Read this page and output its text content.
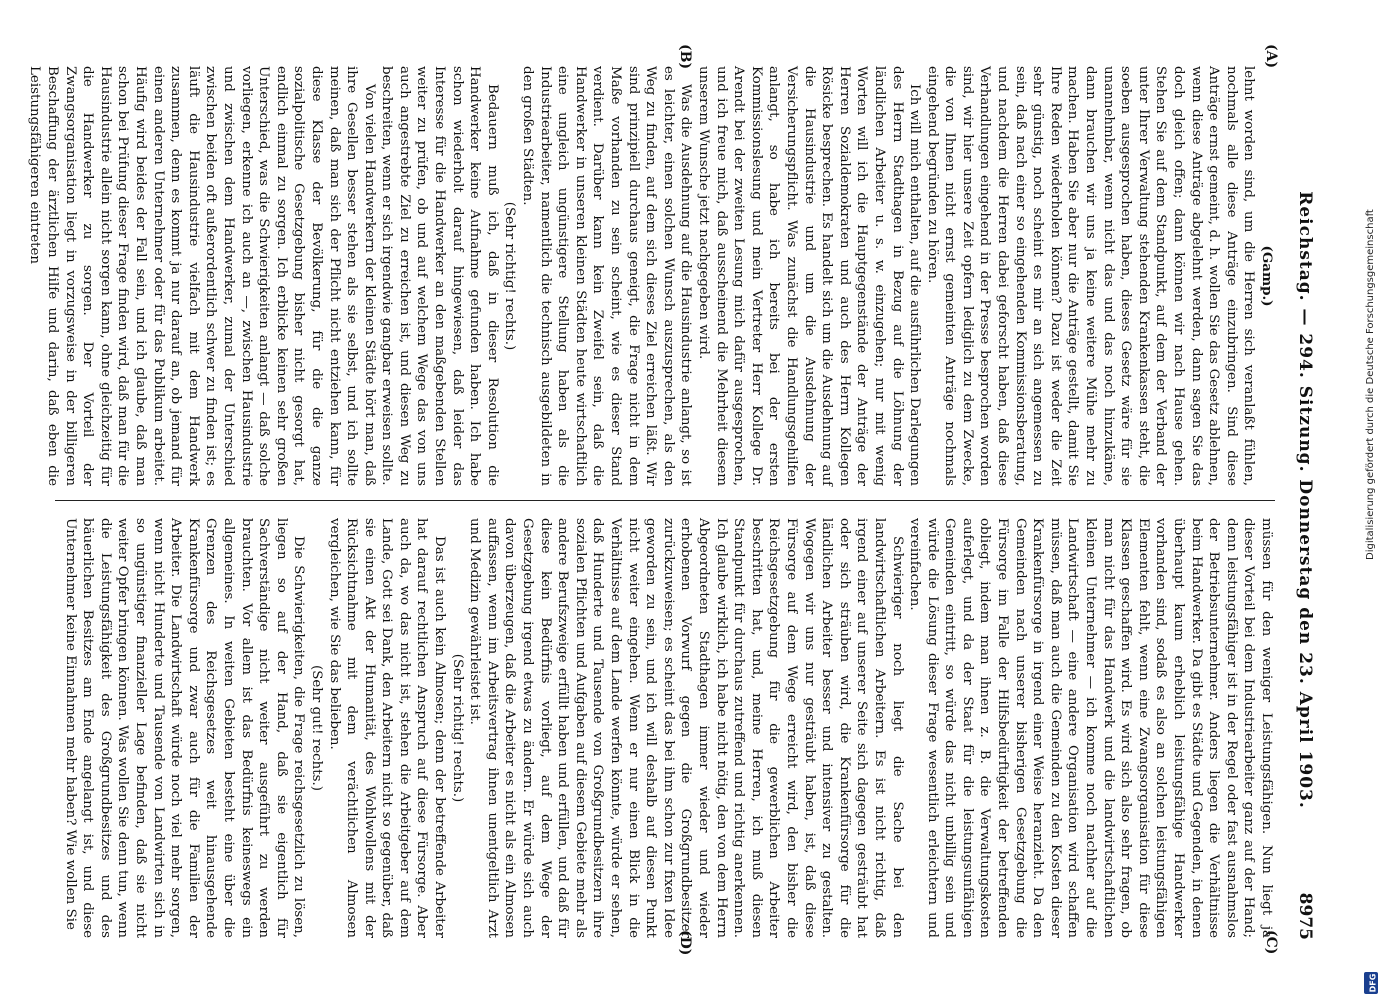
Reichstag. — 294. Sitzung. Donnerstag den 23. April 1903.
8975
(A)
(B)
(C)
(D)

(Gamp.)

lehnt worden sind, um die Herren sich veranlaßt fühlen, nochmals alle diese Anträge einzubringen. Sind diese Anträge ernst gemeint, d. h. wollen Sie das Gesetz ablehnen, wenn diese Anträge abgelehnt werden, dann sagen Sie das doch gleich offen; dann können wir nach Hause gehen. Stehen Sie auf dem Standpunkt, auf dem der Verband der unter Ihrer Verwaltung stehenden Krankenkassen steht, die soeben ausgesprochen haben, dieses Gesetz wäre für sie unannehmbar, wenn nicht das und das noch hinzukäme, dann brauchen wir uns ja keine weitere Mühe mehr zu machen. Haben Sie aber nur die Anträge gestellt, damit Sie Ihre Reden wiederholen können? Dazu ist weder die Zeit sehr günstig, noch scheint es mir an sich angemessen zu sein, daß nach einer so eingehenden Kommissionsberatung, und nachdem die Herren dabei geforscht haben, daß diese Verhandlungen eingehend in der Presse besprochen worden sind, wir hier unsere Zeit opfern lediglich zu dem Zwecke, die von Ihnen nicht ernst gemeinten Anträge nochmals eingehend begründen zu hören.

Ich will mich enthalten, auf die ausführlichen Darlegungen des Herrn Stadthagen in Bezug auf die Löhnung der ländlichen Arbeiter u. s. w. einzugehen; nur mit wenig Worten will ich die Hauptgegenstände der Anträge der Herren Sozialdemokraten und auch des Herrn Kollegen Rösicke besprechen. Es handelt sich um die Ausdehnung auf die Hausindustrie und um die Ausdehnung der Versicherungspflicht. Was zunächst die Handlungsgehilfen anlangt, so habe ich bereits bei der ersten Kommissionslesung und mein Vertreter Herr Kollege Dr. Arendt bei der zweiten Lesung mich dafür ausgesprochen, und ich freue mich, daß ausscheinend die Mehrheit diesem unserem Wunsche jetzt nachgegeben wird.

Was die Ausdehnung auf die Hausindustrie anlangt, so ist es leichter, einen solchen Wunsch auszusprechen, als den Weg zu finden, auf dem sich dieses Ziel erreichen läßt. Wir sind prinzipiell durchaus geneigt, die Frage nicht in dem Maße vorhanden zu sein scheint, wie es dieser Stand verdient. Darüber kann kein Zweifel sein, daß die Handwerker in unseren kleinen Städten heute wirtschaftlich eine ungleich ungünstigere Stellung haben als die Industriearbeiter, namentlich die technisch ausgebildeten in den großen Städten.

(Sehr richtig! rechts.)

Bedauern muß ich, daß in dieser Resolution die Handwerker keine Aufnahme gefunden haben. Ich habe schon wiederholt darauf hingewiesen, daß leider das Interesse für die Handwerker an den maßgebenden Stellen weiter zu prüfen, ob und auf welchem Wege das von uns auch angestrebte Ziel zu erreichen ist, und diesen Weg zu beschreiten, wenn er sich irgendwie gangbar erweisen sollte.

Von vielen Handwerkern der kleinen Städte hört man, daß ihre Gesellen besser stehen als sie selbst, und ich sollte meinen, daß man sich der Pflicht nicht entziehen kann, für diese Klasse der Bevölkerung, für die die ganze sozialpolitische Gesetzgebung bisher nicht gesorgt hat, endlich einmal zu sorgen. Ich erblicke keinen sehr großen Unterschied, was die Schwierigkeiten anlangt — daß solche vorliegen, erkenne ich auch an —, zwischen Hausindustrie und zwischen dem Handwerker, zumal der Unterschied zwischen beiden oft außerordentlich schwer zu finden ist; es läuft die Hausindustrie vielfach mit dem Handwerk zusammen, denn es kommt ja nur darauf an, ob jemand für einen anderen Unternehmer oder für das Publikum arbeitet. Häufig wird beides der Fall sein, und ich glaube, daß man schon bei Prüfung dieser Frage finden wird, daß man für die Hausindustrie allein nicht sorgen kann, ohne gleichzeitig für die Handwerker zu sorgen. Der Vorteil der Zwangsorganisation liegt in vorzugsweise in der billigeren Beschaffung der ärztlichen Hilfe und darin, daß eben die Leistungsfähigeren eintreten

müssen für den weniger Leistungsfähigen. Nun liegt ja dieser Vorteil bei dem Industriearbeiter ganz auf der Hand; denn leistungsfähiger ist in der Regel oder fast ausnahmslos der Betriebsunternehmer. Anders liegen die Verhältnisse beim Handwerker. Da gibt es Städte und Gegenden, in denen überhaupt kaum erheblich leistungsfähige Handwerker vorhanden sind, sodaß es also an solchen leistungsfähigen Elementen fehlt, wenn eine Zwangsorganisation für diese Klassen geschaffen wird. Es wird sich also sehr fragen, ob man nicht für das Handwerk und die landwirtschaftlichen kleinen Unternehmer — ich komme noch nachher auf die Landwirtschaft — eine andere Organisation wird schaffen müssen, daß man auch die Gemeinden zu den Kosten dieser Krankenfürsorge in irgend einer Weise heranzieht. Da den Gemeinden nach unserer bisherigen Gesetzgebung die Fürsorge im Falle der Hilfsbedürftigkeit der betreffenden obliegt, indem man ihnen z. B. die Verwaltungskosten auferlegt, und da der Staat für die leistungsunfähigen Gemeinden eintritt, so würde das nicht unbillig sein und würde die Lösung dieser Frage wesentlich erleichtern und vereinfachen.

Schwieriger noch liegt die Sache bei den landwirtschaftlichen Arbeitern. Es ist nicht richtig, daß irgend einer auf unserer Seite sich dagegen gesträubt hat oder sich sträuben wird, die Krankenfürsorge für die ländlichen Arbeiter besser und intensiver zu gestalten. Wogegen wir uns nur gesträubt haben, ist, daß diese Fürsorge auf dem Wege erreicht wird, den bisher die Reichsgesetzgebung für die gewerblichen Arbeiter beschritten hat, und, meine Herren, ich muß diesen Standpunkt für durchaus zutreffend und richtig anerkennen. Ich glaube wirklich, ich habe nicht nötig, den von dem Herrn Abgeordneten Stadthagen immer wieder und wieder erhobenen Vorwurf gegen die Großgrundbesitzer zurückzuweisen; es scheint das bei ihm schon zur fixen Idee geworden zu sein, und ich will deshalb auf diesen Punkt nicht weiter eingehen. Wenn er nur einen Blick in die Verhältnisse auf dem Lande werfen könnte, würde er sehen, daß Hunderte und Tausende von Großgrundbesitzern ihre sozialen Pflichten und Aufgaben auf diesem Gebiete mehr als andere Berufszweige erfüllt haben und erfüllen, und daß für diese kein Bedürfnis vorliegt, auf dem Wege der Gesetzgebung irgend etwas zu ändern. Er würde sich auch davon überzeugen, daß die Arbeiter es nicht als ein Almosen auffassen, wenn im Arbeitsvertrag ihnen unentgeltlich Arzt und Medizin gewährleistet ist.

(Sehr richtig! rechts.)

Das ist auch kein Almosen; denn der betreffende Arbeiter hat darauf rechtlichen Anspruch auf diese Fürsorge. Aber auch da, wo das nicht ist, stehen die Arbeitgeber auf dem Lande, Gott sei Dank, den Arbeitern nicht so gegenüber, daß sie einen Akt der Humanität, des Wohlwollens mit der Rücksichtnahme mit dem verächtlichen Almosen vergleichen, wie Sie das belieben.

(Sehr gut! rechts.)

Die Schwierigkeiten, die Frage reichsgesetzlich zu lösen, liegen so auf der Hand, daß sie eigentlich für Sachverständige nicht weiter ausgeführt zu werden brauchten. Vor allem ist das Bedürfnis keineswegs ein allgemeines. In weiten Gebieten besteht eine über die Grenzen des Reichsgesetzes weit hinausgehende Krankenfürsorge und zwar auch für die Familien der Arbeiter. Die Landwirtschaft würde noch viel mehr sorgen, wenn nicht Hunderte und Tausende von Landwirten sich in so ungünstiger finanzieller Lage befinden, daß sie nicht weiter Opfer bringen können. Was wollen Sie denn tun, wenn die Leistungsfähigkeit des Großgrundbesitzes und des bäuerlichen Besitzes am Ende angelangt ist, und diese Unternehmer keine Einnahmen mehr haben? Wie wollen Sie

Digitalisierung gefördert durch die Deutsche Forschungsgemeinschaft
DFG
